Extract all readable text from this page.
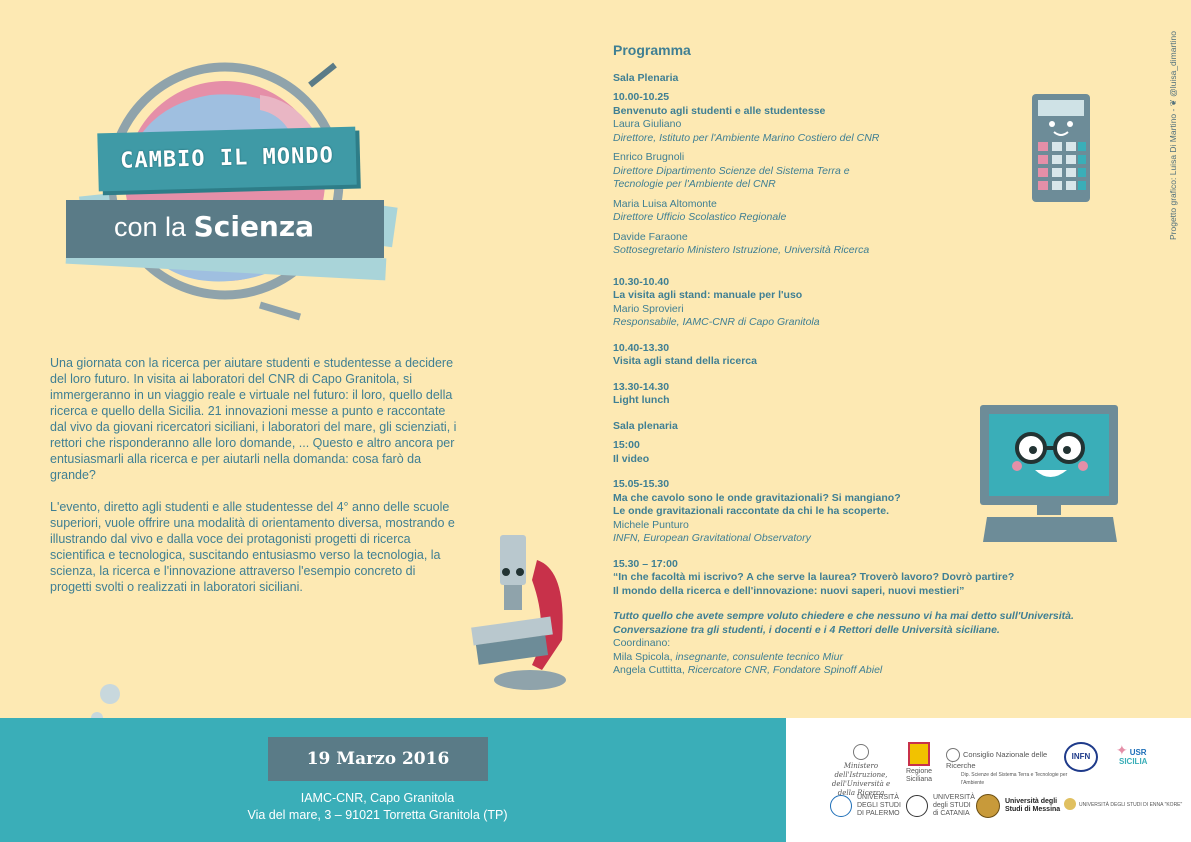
CAMBIO IL MONDO
con la Scienza

Una giornata con la ricerca per aiutare studenti e studentesse a decidere del loro futuro. In visita ai laboratori del CNR di Capo Granitola, si immergeranno in un viaggio reale e virtuale nel futuro: il loro, quello della ricerca e quello della Sicilia. 21 innovazioni messe a punto e raccontate dal vivo da giovani ricercatori siciliani, i laboratori del mare, gli scienziati, i rettori che risponderanno alle loro domande, ... Questo e altro ancora per entusiasmarli alla ricerca e per aiutarli nella domanda: cosa farò da grande?

L'evento, diretto agli studenti e alle studentesse del 4° anno delle scuole superiori, vuole offrire una modalità di orientamento diversa, mostrando e illustrando dal vivo e dalla voce dei protagonisti progetti di ricerca scientifica e tecnologica, suscitando entusiasmo verso la tecnologia, la scienza, la ricerca e l'innovazione attraverso l'esempio concreto di progetti svolti o realizzati in laboratori siciliani.

Programma
Sala Plenaria
10.00-10.25
Benvenuto agli studenti e alle studentesse
Laura Giuliano
Direttore, Istituto per l'Ambiente Marino Costiero del CNR
Enrico Brugnoli
Direttore Dipartimento Scienze del Sistema Terra e
Tecnologie per l'Ambiente del CNR
Maria Luisa Altomonte
Direttore Ufficio Scolastico Regionale
Davide Faraone
Sottosegretario Ministero Istruzione, Università Ricerca
10.30-10.40
La visita agli stand: manuale per l'uso
Mario Sprovieri
Responsabile, IAMC-CNR di Capo Granitola
10.40-13.30
Visita agli stand della ricerca
13.30-14.30
Light lunch
Sala plenaria
15:00
Il video
15.05-15.30
Ma che cavolo sono le onde gravitazionali? Si mangiano?
Le onde gravitazionali raccontate da chi le ha scoperte.
Michele Punturo
INFN, European Gravitational Observatory
15.30 – 17:00
“In che facoltà mi iscrivo? A che serve la laurea? Troverò lavoro? Dovrò partire?
Il mondo della ricerca e dell'innovazione: nuovi saperi, nuovi mestieri”
Tutto quello che avete sempre voluto chiedere e che nessuno vi ha mai detto sull'Università.
Conversazione tra gli studenti, i docenti e i 4 Rettori delle Università siciliane.
Coordinano:
Mila Spicola, insegnante, consulente tecnico Miur
Angela Cuttitta, Ricercatore CNR, Fondatore Spinoff Abiel
Progetto grafico: Luisa Di Martino - ❦ @luisa_dimartino
19 Marzo 2016
IAMC-CNR, Capo Granitola
Via del mare, 3 – 91021 Torretta Granitola (TP)
Ministero dell'Istruzione, dell'Università e della Ricerca
Regione Siciliana
Consiglio Nazionale delle Ricerche
Dip. Scienze del Sistema Terra e Tecnologie per l'Ambiente
INFN	✦ USR
SICILIA

UNIVERSITÀ
DEGLI STUDI
DI PALERMO

UNIVERSITÀ
degli STUDI
di CATANIA

Università degli
Studi di Messina
UNIVERSITÀ DEGLI STUDI DI ENNA "KORE"
